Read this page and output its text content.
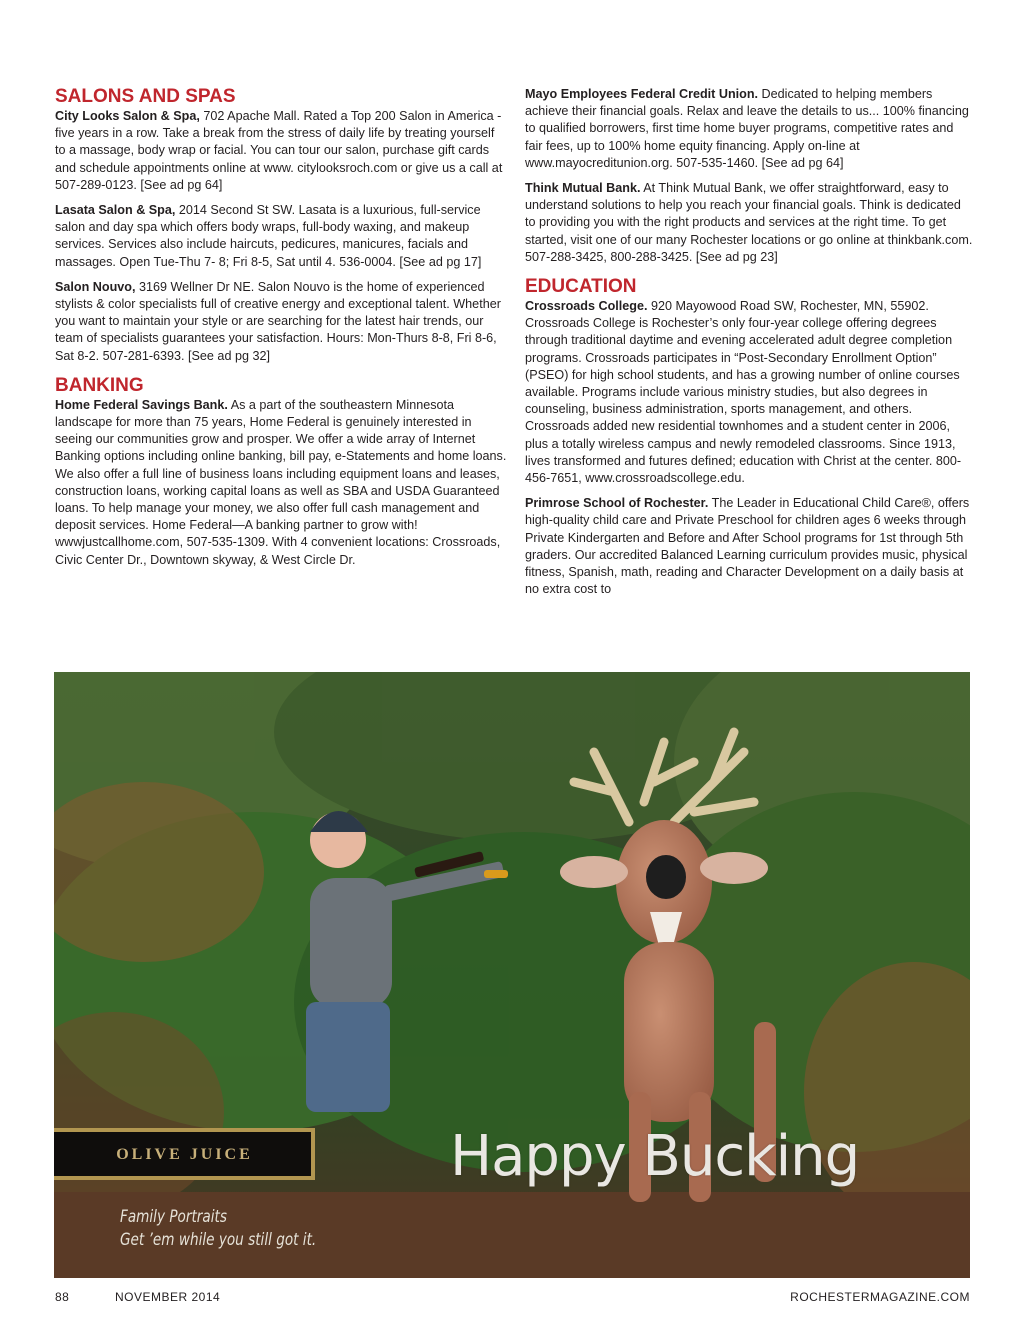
SALONS AND SPAS

City Looks Salon & Spa, 702 Apache Mall. Rated a Top 200 Salon in America - five years in a row. Take a break from the stress of daily life by treating yourself to a massage, body wrap or facial. You can tour our salon, purchase gift cards and schedule appointments online at www. citylooksroch.com or give us a call at 507-289-0123. [See ad pg 64]

Lasata Salon & Spa, 2014 Second St SW. Lasata is a luxurious, full-service salon and day spa which offers body wraps, full-body waxing, and makeup services. Services also include haircuts, pedicures, manicures, facials and massages. Open Tue-Thu 7- 8; Fri 8-5, Sat until 4. 536-0004. [See ad pg 17]

Salon Nouvo, 3169 Wellner Dr NE. Salon Nouvo is the home of experienced stylists & color specialists full of creative energy and exceptional talent. Whether you want to maintain your style or are searching for the latest hair trends, our team of specialists guarantees your satisfaction. Hours: Mon-Thurs 8-8, Fri 8-6, Sat 8-2. 507-281-6393. [See ad pg 32]

BANKING

Home Federal Savings Bank. As a part of the southeastern Minnesota landscape for more than 75 years, Home Federal is genuinely interested in seeing our communities grow and prosper. We offer a wide array of Internet Banking options including online banking, bill pay, e-Statements and home loans. We also offer a full line of business loans including equipment loans and leases, construction loans, working capital loans as well as SBA and USDA Guaranteed loans. To help manage your money, we also offer full cash management and deposit services. Home Federal—A banking partner to grow with! wwwjustcallhome.com, 507-535-1309. With 4 convenient locations: Crossroads, Civic Center Dr., Downtown skyway, & West Circle Dr.

Mayo Employees Federal Credit Union. Dedicated to helping members achieve their financial goals. Relax and leave the details to us... 100% financing to qualified borrowers, first time home buyer programs, competitive rates and fair fees, up to 100% home equity financing. Apply on-line at www.mayocreditunion.org. 507-535-1460. [See ad pg 64]

Think Mutual Bank. At Think Mutual Bank, we offer straightforward, easy to understand solutions to help you reach your financial goals. Think is dedicated to providing you with the right products and services at the right time. To get started, visit one of our many Rochester locations or go online at thinkbank.com. 507-288-3425, 800-288-3425. [See ad pg 23]

EDUCATION

Crossroads College. 920 Mayowood Road SW, Rochester, MN, 55902. Crossroads College is Rochester’s only four-year college offering degrees through traditional daytime and evening accelerated adult degree completion programs. Crossroads participates in “Post-Secondary Enrollment Option” (PSEO) for high school students, and has a growing number of online courses available. Programs include various ministry studies, but also degrees in counseling, business administration, sports management, and others. Crossroads added new residential townhomes and a student center in 2006, plus a totally wireless campus and newly remodeled classrooms. Since 1913, lives transformed and futures defined; education with Christ at the center. 800-456-7651, www.crossroadscollege.edu.

Primrose School of Rochester. The Leader in Educational Child Care®, offers high-quality child care and Private Preschool for children ages 6 weeks through Private Kindergarten and Before and After School programs for 1st through 5th graders. Our accredited Balanced Learning curriculum provides music, physical fitness, Spanish, math, reading and Character Development on a daily basis at no extra cost to

OLIVE JUICE	Happy Bucking
Family Portraits
Get ’em while you still got it.
88	NOVEMBER 2014	ROCHESTERMAGAZINE.COM
